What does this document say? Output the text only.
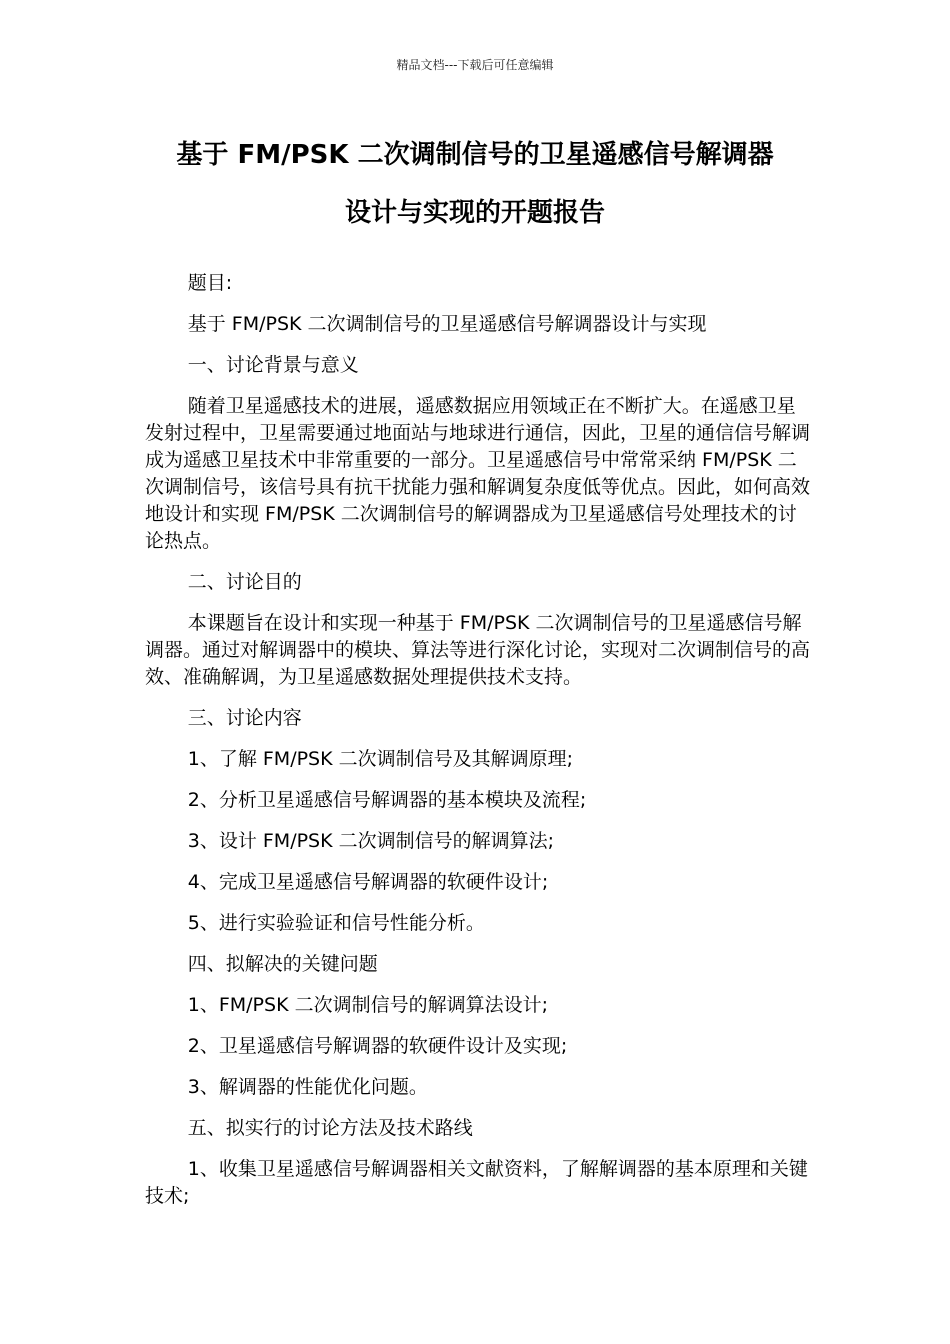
精品文档---下载后可任意编辑
基于 FM/PSK 二次调制信号的卫星遥感信号解调器
设计与实现的开题报告

题目:

基于 FM/PSK 二次调制信号的卫星遥感信号解调器设计与实现

一、讨论背景与意义

随着卫星遥感技术的进展，遥感数据应用领域正在不断扩大。在遥感卫星发射过程中，卫星需要通过地面站与地球进行通信，因此，卫星的通信信号解调成为遥感卫星技术中非常重要的一部分。卫星遥感信号中常常采纳 FM/PSK 二次调制信号，该信号具有抗干扰能力强和解调复杂度低等优点。因此，如何高效地设计和实现 FM/PSK 二次调制信号的解调器成为卫星遥感信号处理技术的讨论热点。

二、讨论目的

本课题旨在设计和实现一种基于 FM/PSK 二次调制信号的卫星遥感信号解调器。通过对解调器中的模块、算法等进行深化讨论，实现对二次调制信号的高效、准确解调，为卫星遥感数据处理提供技术支持。

三、讨论内容

1、了解 FM/PSK 二次调制信号及其解调原理;

2、分析卫星遥感信号解调器的基本模块及流程;

3、设计 FM/PSK 二次调制信号的解调算法;

4、完成卫星遥感信号解调器的软硬件设计;

5、进行实验验证和信号性能分析。

四、拟解决的关键问题

1、FM/PSK 二次调制信号的解调算法设计;

2、卫星遥感信号解调器的软硬件设计及实现;

3、解调器的性能优化问题。

五、拟实行的讨论方法及技术路线

1、收集卫星遥感信号解调器相关文献资料，了解解调器的基本原理和关键技术;
